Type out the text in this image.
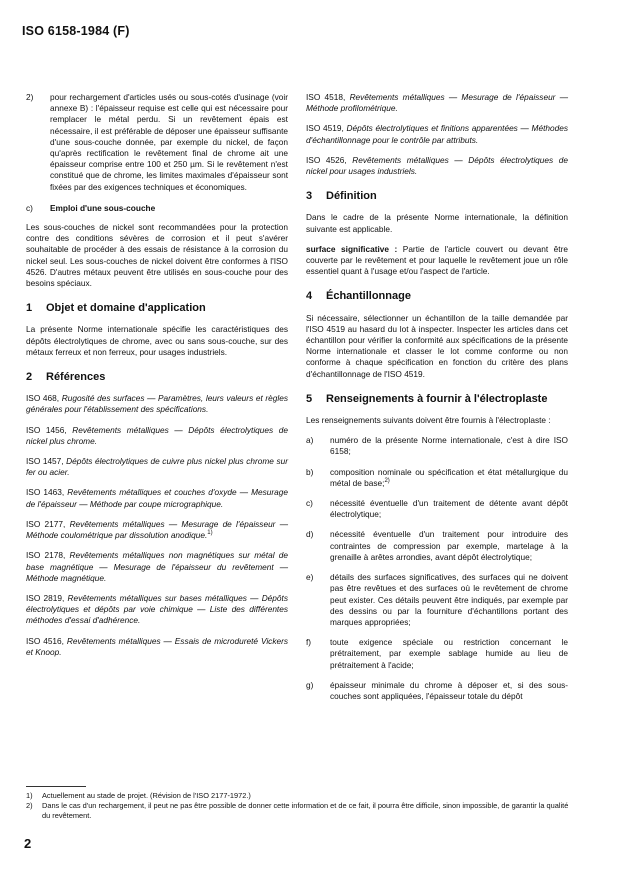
ISO 6158-1984 (F)
2)	pour rechargement d'articles usés ou sous-cotés d'usinage (voir annexe B) : l'épaisseur requise est celle qui est nécessaire pour remplacer le métal perdu. Si un revêtement épais est nécessaire, il est préférable de déposer une épaisseur suffisante d'une sous-couche donnée, par exemple du nickel, de façon qu'après rectification le revêtement final de chrome ait une épaisseur comprise entre 100 et 250 µm. Si le revêtement n'est constitué que de chrome, les limites maximales d'épaisseur sont fixées par des exigences techniques et économiques.
c)	Emploi d'une sous-couche

Les sous-couches de nickel sont recommandées pour la protection contre des conditions sévères de corrosion et il peut s'avérer souhaitable de procéder à des essais de résistance à la corrosion du nickel seul. Les sous-couches de nickel doivent être conformes à l'ISO 4526. D'autres métaux peuvent être utilisés en sous-couche pour des besoins spéciaux.

1	Objet et domaine d'application

La présente Norme internationale spécifie les caractéristiques des dépôts électrolytiques de chrome, avec ou sans sous-couche, sur des métaux ferreux et non ferreux, pour usages industriels.

2	Références

ISO 468, Rugosité des surfaces — Paramètres, leurs valeurs et règles générales pour l'établissement des spécifications.

ISO 1456, Revêtements métalliques — Dépôts électrolytiques de nickel plus chrome.

ISO 1457, Dépôts électrolytiques de cuivre plus nickel plus chrome sur fer ou acier.

ISO 1463, Revêtements métalliques et couches d'oxyde — Mesurage de l'épaisseur — Méthode par coupe micrographique.

ISO 2177, Revêtements métalliques — Mesurage de l'épaisseur — Méthode coulométrique par dissolution anodique.$^{1)}$

ISO 2178, Revêtements métalliques non magnétiques sur métal de base magnétique — Mesurage de l'épaisseur du revêtement — Méthode magnétique.

ISO 2819, Revêtements métalliques sur bases métalliques — Dépôts électrolytiques et dépôts par voie chimique — Liste des différentes méthodes d'essai d'adhérence.

ISO 4516, Revêtements métalliques — Essais de microdureté Vickers et Knoop.

ISO 4518, Revêtements métalliques — Mesurage de l'épaisseur — Méthode profilométrique.

ISO 4519, Dépôts électrolytiques et finitions apparentées — Méthodes d'échantillonnage pour le contrôle par attributs.

ISO 4526, Revêtements métalliques — Dépôts électrolytiques de nickel pour usages industriels.

3	Définition

Dans le cadre de la présente Norme internationale, la définition suivante est applicable.

surface significative : Partie de l'article couvert ou devant être couverte par le revêtement et pour laquelle le revêtement joue un rôle essentiel quant à l'usage et/ou l'aspect de l'article.

4	Échantillonnage

Si nécessaire, sélectionner un échantillon de la taille demandée par l'ISO 4519 au hasard du lot à inspecter. Inspecter les articles dans cet échantillon pour vérifier la conformité aux spécifications de la présente Norme internationale et classer le lot comme conforme ou non conforme à chaque spécification en fonction du critère des plans d'échantillonnage de l'ISO 4519.

5	Renseignements à fournir à l'électroplaste

Les renseignements suivants doivent être fournis à l'électroplaste :

a)	numéro de la présente Norme internationale, c'est à dire ISO 6158;
b)	composition nominale ou spécification et état métallurgique du métal de base;$^{2)}$
c)	nécessité éventuelle d'un traitement de détente avant dépôt électrolytique;
d)	nécessité éventuelle d'un traitement pour introduire des contraintes de compression par exemple, martelage à la grenaille à arêtes arrondies, avant dépôt électrolytique;
e)	détails des surfaces significatives, des surfaces qui ne doivent pas être revêtues et des surfaces où le revêtement de chrome peut exister. Ces détails peuvent être indiqués, par exemple par des dessins ou par la fourniture d'échantillons portant des marques appropriées;
f)	toute exigence spéciale ou restriction concernant le prétraitement, par exemple sablage humide au lieu de prétraitement à l'acide;
g)	épaisseur minimale du chrome à déposer et, si des sous-couches sont appliquées, l'épaisseur totale du dépôt
1)	Actuellement au stade de projet. (Révision de l'ISO 2177-1972.)
2)	Dans le cas d'un rechargement, il peut ne pas être possible de donner cette information et de ce fait, il pourra être difficile, sinon impossible, de garantir la qualité du revêtement.
2
